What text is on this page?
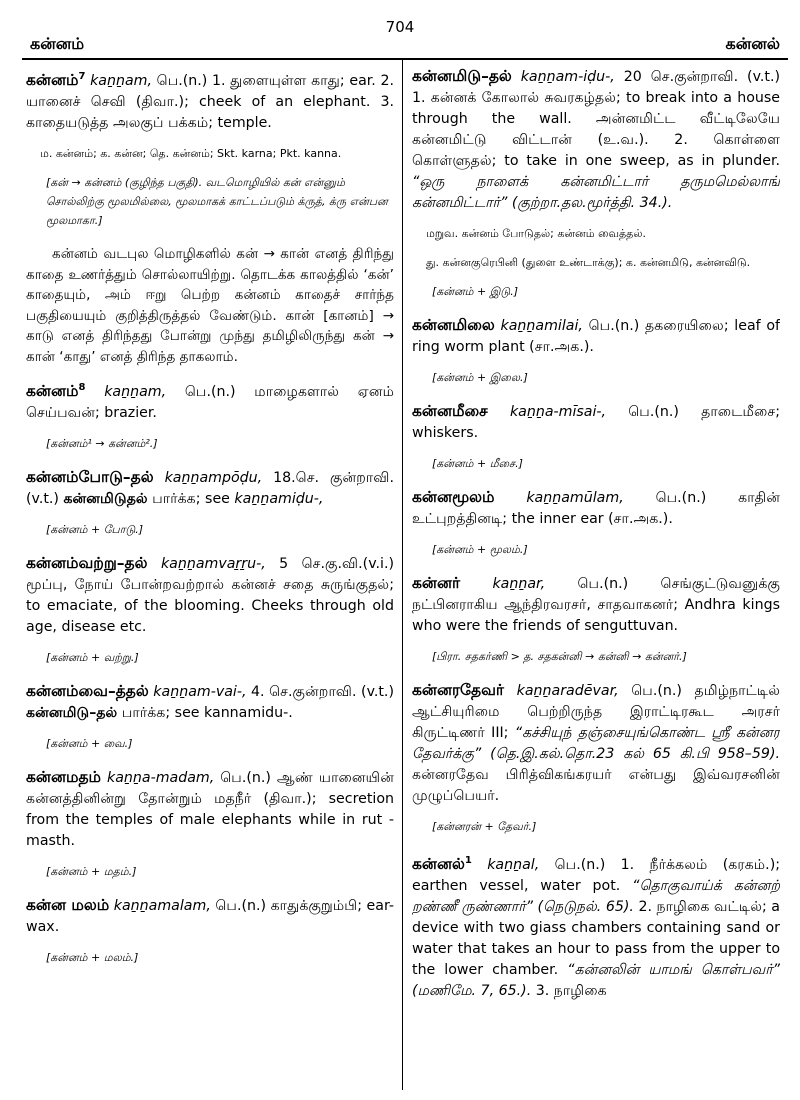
704
கன்னம்	கன்னல்

கன்னம்$^7$ kaṉṉam, பெ.(n.) 1. துளையுள்ள காது; ear. 2. யானைச் செவி (திவா.); cheek of an elephant. 3. காதையடுத்த அலகுப் பக்கம்; temple.

ம. கன்னம்; க. கன்ன; தெ. கன்னம்; Skt. karna; Pkt. kanna.

[கன் → கன்னம் (குழிந்த பகுதி). வடமொழியில் கன் என்னும் சொல்லிற்கு மூலமில்லை, மூலமாகக் காட்டப்படும் க்ருத், க்ரு என்பன மூலமாகா.]

கன்னம் வடபுல மொழிகளில் கன் → கான் எனத் திரிந்து காதை உணர்த்தும் சொல்லாயிற்று. தொடக்க காலத்தில் ‘கன்’ காதையும், அம் ஈறு பெற்ற கன்னம் காதைச் சார்ந்த பகுதியையும் குறித்திருத்தல் வேண்டும். கான் [கானம்] → காடு எனத் திரிந்தது போன்று முந்து தமிழிலிருந்து கன் → கான் ‘காது’ எனத் திரிந்த தாகலாம்.

கன்னம்$^8$ kaṉṉam, பெ.(n.) மாழைகளால் ஏனம் செய்பவன்; brazier.

[கன்னம்¹ → கன்னம்².]

கன்னம்போடு–தல் kaṉṉampōḍu, 18.செ. குன்றாவி.(v.t.) கன்னமிடுதல் பார்க்க; see kaṉṉamiḍu-,

[கன்னம் + போடு.]

கன்னம்வற்று–தல் kaṉṉamvaṟṟu-, 5 செ.கு.வி.(v.i.) மூப்பு, நோய் போன்றவற்றால் கன்னச் சதை சுருங்குதல்; to emaciate, of the blooming. Cheeks through old age, disease etc.

[கன்னம் + வற்று.]

கன்னம்வை–த்தல் kaṉṉam-vai-, 4. செ.குன்றாவி. (v.t.) கன்னமிடு–தல் பார்க்க; see kannamidu-.

[கன்னம் + வை.]

கன்னமதம் kaṉṉa-madam, பெ.(n.) ஆண் யானையின் கன்னத்தினின்று தோன்றும் மதநீர் (திவா.); secretion from the temples of male elephants while in rut - masth.

[கன்னம் + மதம்.]

கன்ன மலம் kaṉṉamalam, பெ.(n.) காதுக்குறும்பி; ear-wax.

[கன்னம் + மலம்.]

கன்னமிடு–தல் kaṉṉam-iḍu-, 20 செ.குன்றாவி. (v.t.) 1. கன்னக் கோலால் சுவரகழ்தல்; to break into a house through the wall. அன்னமிட்ட வீட்டிலேயே கன்னமிட்டு விட்டான் (உ.வ.). 2. கொள்ளை கொள்ளுதல்; to take in one sweep, as in plunder. “ஒரு நாளைக் கன்னமிட்டார் தருமமெல்லாங் கன்னமிட்டார்” (குற்றா.தல.மூர்த்தி. 34.).

மறுவ. கன்னம் போடுதல்; கன்னம் வைத்தல்.

து. கன்னகுரெபினி (துளை உண்டாக்கு); க. கன்னமிடு, கன்னவிடு.

[கன்னம் + இடு.]

கன்னமிலை kaṉṉamilai, பெ.(n.) தகரையிலை; leaf of ring worm plant (சா.அக.).

[கன்னம் + இலை.]

கன்னமீசை kaṉṉa-mīsai-, பெ.(n.) தாடைமீசை; whiskers.

[கன்னம் + மீசை.]

கன்னமூலம் kaṉṉamūlam, பெ.(n.) காதின் உட்புறத்தினடி; the inner ear (சா.அக.).

[கன்னம் + மூலம்.]

கன்னர் kaṉṉar, பெ.(n.) செங்குட்டுவனுக்கு நட்பினராகிய ஆந்திரவரசர், சாதவாகனர்; Andhra kings who were the friends of senguttuvan.

[பிரா. சதகர்ணி > த. சதகன்னி → கன்னி → கன்னர்.]

கன்னரதேவர் kaṉṉaradēvar, பெ.(n.) தமிழ்நாட்டில் ஆட்சியுரிமை பெற்றிருந்த இராட்டிரகூட அரசர் கிருட்டிணர் III; “கச்சியுந் தஞ்சையுங்கொண்ட ஸ்ரீ கன்னர தேவர்க்கு” (தெ.இ.கல்.தொ.23 கல் 65 கி.பி 958–59). கன்னரதேவ பிரித்விகங்கரயர் என்பது இவ்வரசனின் முழுப்பெயர்.

[கன்னரன் + தேவர்.]

கன்னல்$^1$ kaṉṉal, பெ.(n.) 1. நீர்க்கலம் (கரகம்.); earthen vessel, water pot. “தொகுவாய்க் கன்னற் றண்ணீ ருண்ணார்” (நெடுநல். 65). 2. நாழிகை வட்டில்; a device with two giass chambers containing sand or water that takes an hour to pass from the upper to the lower chamber. “கன்னலின் யாமங் கொள்பவர்” (மணிமே. 7, 65.). 3. நாழிகை
